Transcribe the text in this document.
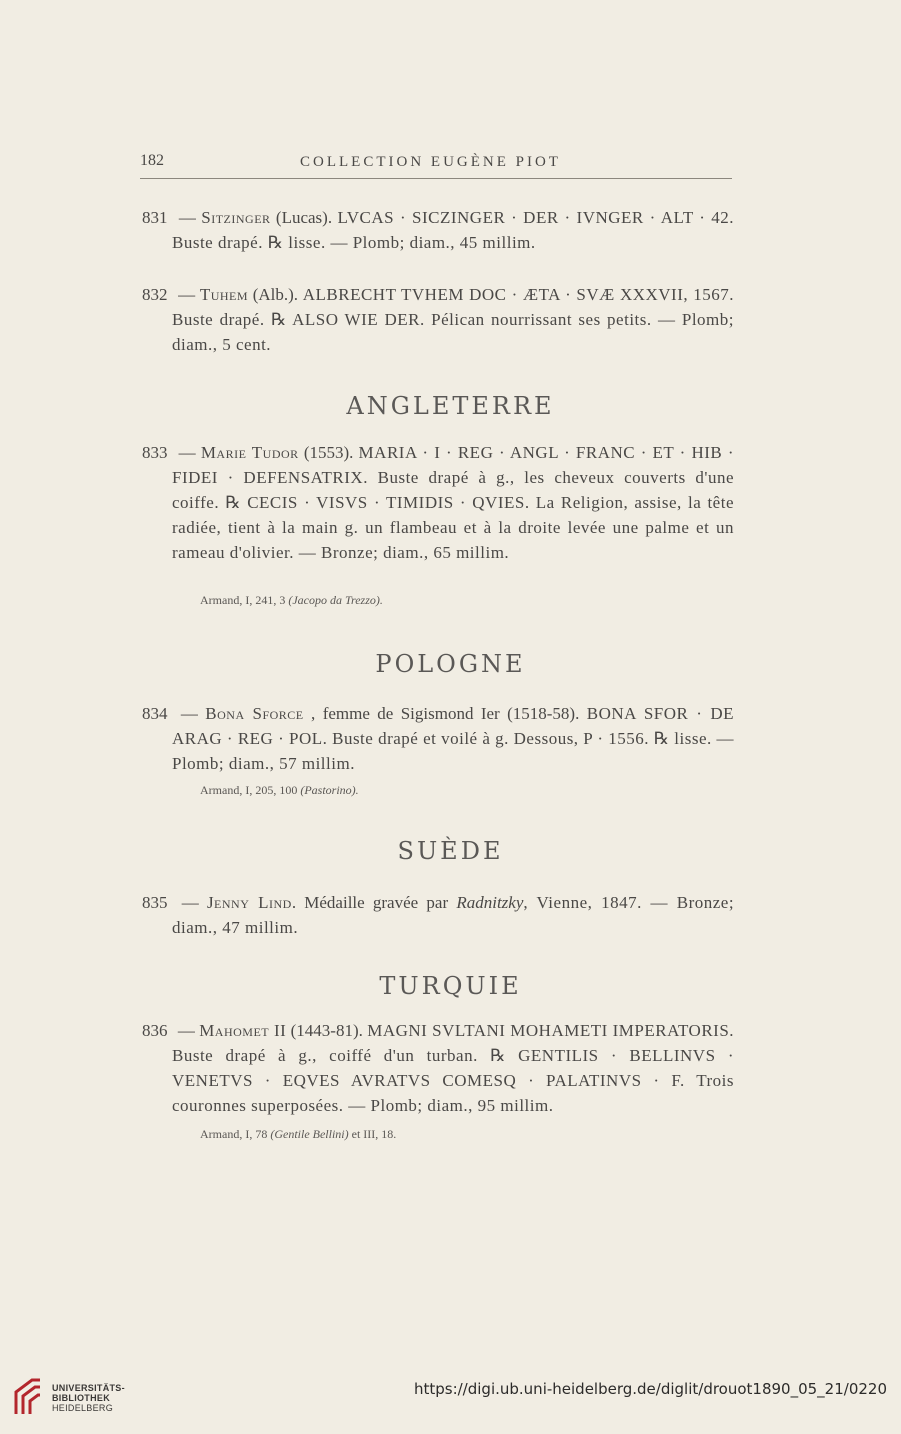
182	COLLECTION EUGÈNE PIOT

831 — Sitzinger (Lucas). LVCAS · SICZINGER · DER · IVNGER · ALT · 42. Buste drapé. ℞ lisse. — Plomb; diam., 45 millim.

832 — Tuhem (Alb.). ALBRECHT TVHEM DOC · ÆTA · SVÆ XXXVII, 1567. Buste drapé. ℞ ALSO WIE DER. Pélican nourrissant ses petits. — Plomb; diam., 5 cent.

ANGLETERRE

833 — Marie Tudor (1553). MARIA · I · REG · ANGL · FRANC · ET · HIB · FIDEI · DEFENSATRIX. Buste drapé à g., les cheveux couverts d'une coiffe. ℞ CECIS · VISVS · TIMIDIS · QVIES. La Religion, assise, la tête radiée, tient à la main g. un flambeau et à la droite levée une palme et un rameau d'olivier. — Bronze; diam., 65 millim.

Armand, I, 241, 3 (Jacopo da Trezzo).
POLOGNE

834 — Bona Sforce , femme de Sigismond Ier (1518-58). BONA SFOR · DE ARAG · REG · POL. Buste drapé et voilé à g. Dessous, P · 1556. ℞ lisse. — Plomb; diam., 57 millim.

Armand, I, 205, 100 (Pastorino).
SUÈDE

835 — Jenny Lind. Médaille gravée par Radnitzky, Vienne, 1847. — Bronze; diam., 47 millim.

TURQUIE

836 — Mahomet II (1443-81). MAGNI SVLTANI MOHAMETI IMPERATORIS. Buste drapé à g., coiffé d'un turban. ℞ GENTILIS · BELLINVS · VENETVS · EQVES AVRATVS COMESQ · PALATINVS · F. Trois couronnes superposées. — Plomb; diam., 95 millim.

Armand, I, 78 (Gentile Bellini) et III, 18.
UNIVERSITÄTS-
BIBLIOTHEK
HEIDELBERG
https://digi.ub.uni-heidelberg.de/diglit/drouot1890_05_21/0220
